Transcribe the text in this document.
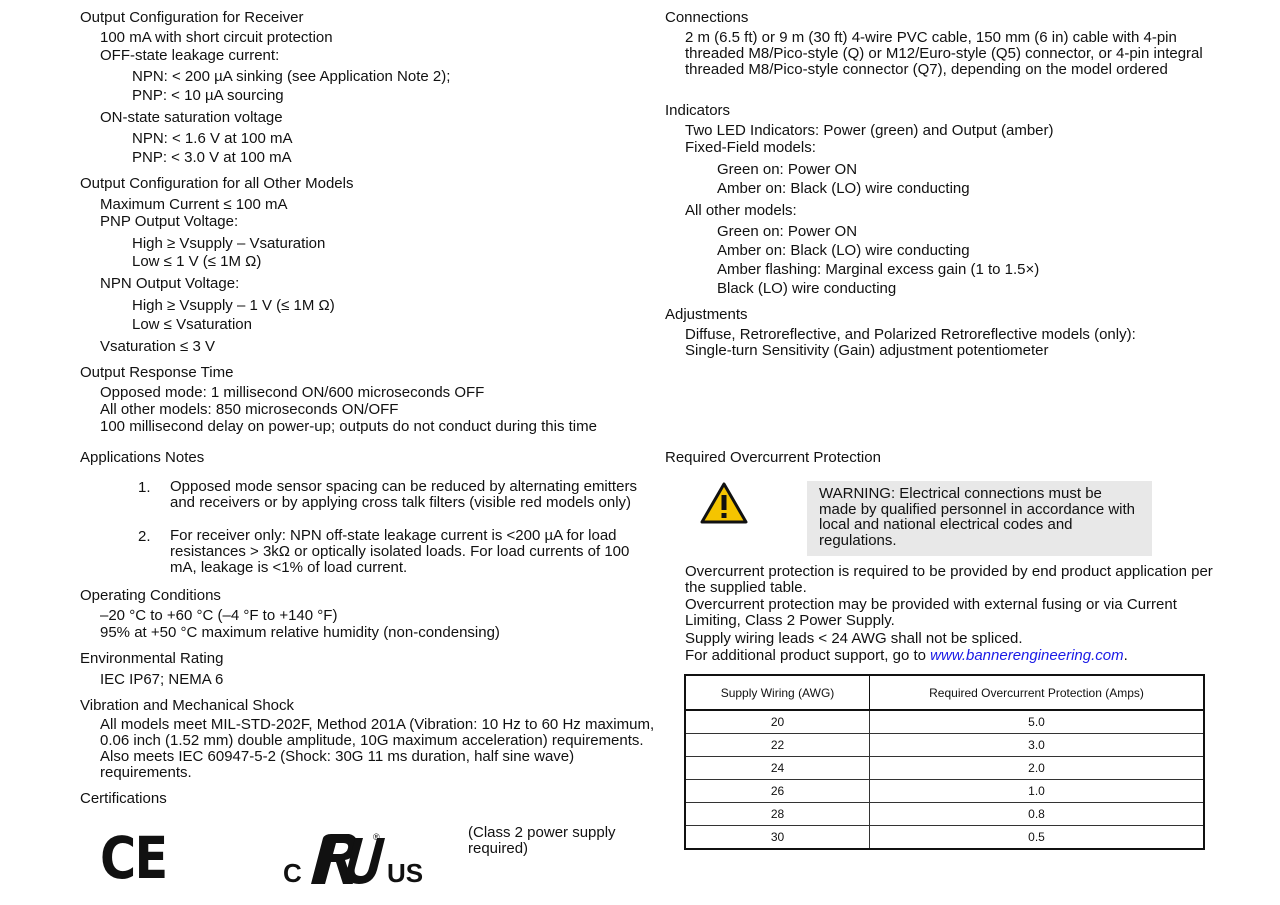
Output Configuration for Receiver
100 mA with short circuit protection
OFF-state leakage current:
NPN: < 200 µA sinking (see Application Note 2);
PNP: < 10 µA sourcing
ON-state saturation voltage
NPN: < 1.6 V at 100 mA
PNP: < 3.0 V at 100 mA
Output Configuration for all Other Models
Maximum Current ≤ 100 mA
PNP Output Voltage:
High ≥ Vsupply – Vsaturation
Low ≤ 1 V (≤ 1M Ω)
NPN Output Voltage:
High ≥ Vsupply – 1 V (≤ 1M Ω)
Low ≤ Vsaturation
Vsaturation ≤ 3 V
Output Response Time
Opposed mode: 1 millisecond ON/600 microseconds OFF
All other models: 850 microseconds ON/OFF
100 millisecond delay on power-up; outputs do not conduct during this time
Applications Notes
1. Opposed mode sensor spacing can be reduced by alternating emitters and receivers or by applying cross talk filters (visible red models only)
2. For receiver only: NPN off-state leakage current is <200 µA for load resistances > 3kΩ or optically isolated loads. For load currents of 100 mA, leakage is <1% of load current.
Operating Conditions
–20 °C to +60 °C (–4 °F to +140 °F)
95% at +50 °C maximum relative humidity (non-condensing)
Environmental Rating
IEC IP67; NEMA 6
Vibration and Mechanical Shock
All models meet MIL-STD-202F, Method 201A (Vibration: 10 Hz to 60 Hz maximum, 0.06 inch (1.52 mm) double amplitude, 10G maximum acceleration) requirements. Also meets IEC 60947-5-2 (Shock: 30G 11 ms duration, half sine wave) requirements.
Certifications
CE	C	US
®	(Class 2 power supply required)
Connections
2 m (6.5 ft) or 9 m (30 ft) 4-wire PVC cable, 150 mm (6 in) cable with 4-pin threaded M8/Pico-style (Q) or M12/Euro-style (Q5) connector, or 4-pin integral threaded M8/Pico-style connector (Q7), depending on the model ordered
Indicators
Two LED Indicators: Power (green) and Output (amber)
Fixed-Field models:
Green on: Power ON
Amber on: Black (LO) wire conducting
All other models:
Green on: Power ON
Amber on: Black (LO) wire conducting
Amber flashing: Marginal excess gain (1 to 1.5×)
Black (LO) wire conducting
Adjustments
Diffuse, Retroreflective, and Polarized Retroreflective models (only):
Single-turn Sensitivity (Gain) adjustment potentiometer
Required Overcurrent Protection
WARNING: Electrical connections must be made by qualified personnel in accordance with local and national electrical codes and regulations.
Overcurrent protection is required to be provided by end product application per the supplied table.
Overcurrent protection may be provided with external fusing or via Current Limiting, Class 2 Power Supply.
Supply wiring leads < 24 AWG shall not be spliced.
For additional product support, go to www.bannerengineering.com.
Supply Wiring (AWG)	Required Overcurrent Protection (Amps)
20	5.0
22	3.0
24	2.0
26	1.0
28	0.8
30	0.5
